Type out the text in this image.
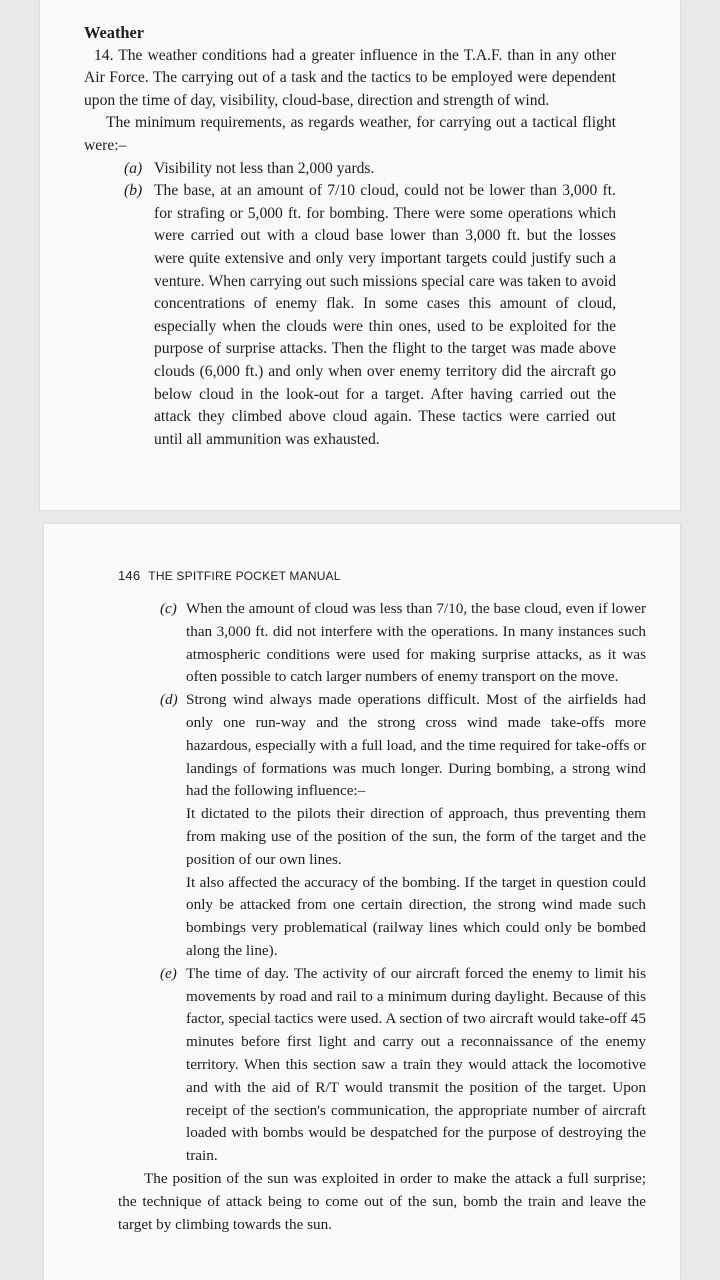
Weather

14. The weather conditions had a greater influence in the T.A.F. than in any other Air Force. The carrying out of a task and the tactics to be employed were dependent upon the time of day, visibility, cloud-base, direction and strength of wind.

The minimum requirements, as regards weather, for carrying out a tactical flight were:–

(a) Visibility not less than 2,000 yards.
(b) The base, at an amount of 7/10 cloud, could not be lower than 3,000 ft. for strafing or 5,000 ft. for bombing. There were some operations which were carried out with a cloud base lower than 3,000 ft. but the losses were quite extensive and only very important targets could justify such a venture. When carrying out such missions special care was taken to avoid concentrations of enemy flak. In some cases this amount of cloud, especially when the clouds were thin ones, used to be exploited for the purpose of surprise attacks. Then the flight to the target was made above clouds (6,000 ft.) and only when over enemy territory did the aircraft go below cloud in the look-out for a target. After having carried out the attack they climbed above cloud again. These tactics were carried out until all ammunition was exhausted.
146 THE SPITFIRE POCKET MANUAL
(c) When the amount of cloud was less than 7/10, the base cloud, even if lower than 3,000 ft. did not interfere with the operations. In many instances such atmospheric conditions were used for making surprise attacks, as it was often possible to catch larger numbers of enemy transport on the move.
(d) Strong wind always made operations difficult. Most of the airfields had only one run-way and the strong cross wind made take-offs more hazardous, especially with a full load, and the time required for take-offs or landings of formations was much longer. During bombing, a strong wind had the following influence:–
It dictated to the pilots their direction of approach, thus preventing them from making use of the position of the sun, the form of the target and the position of our own lines.
It also affected the accuracy of the bombing. If the target in question could only be attacked from one certain direction, the strong wind made such bombings very problematical (railway lines which could only be bombed along the line).
(e) The time of day. The activity of our aircraft forced the enemy to limit his movements by road and rail to a minimum during daylight. Because of this factor, special tactics were used. A section of two aircraft would take-off 45 minutes before first light and carry out a reconnaissance of the enemy territory. When this section saw a train they would attack the locomotive and with the aid of R/T would transmit the position of the target. Upon receipt of the section's communication, the appropriate number of aircraft loaded with bombs would be despatched for the purpose of destroying the train.
The position of the sun was exploited in order to make the attack a full surprise; the technique of attack being to come out of the sun, bomb the train and leave the target by climbing towards the sun.
